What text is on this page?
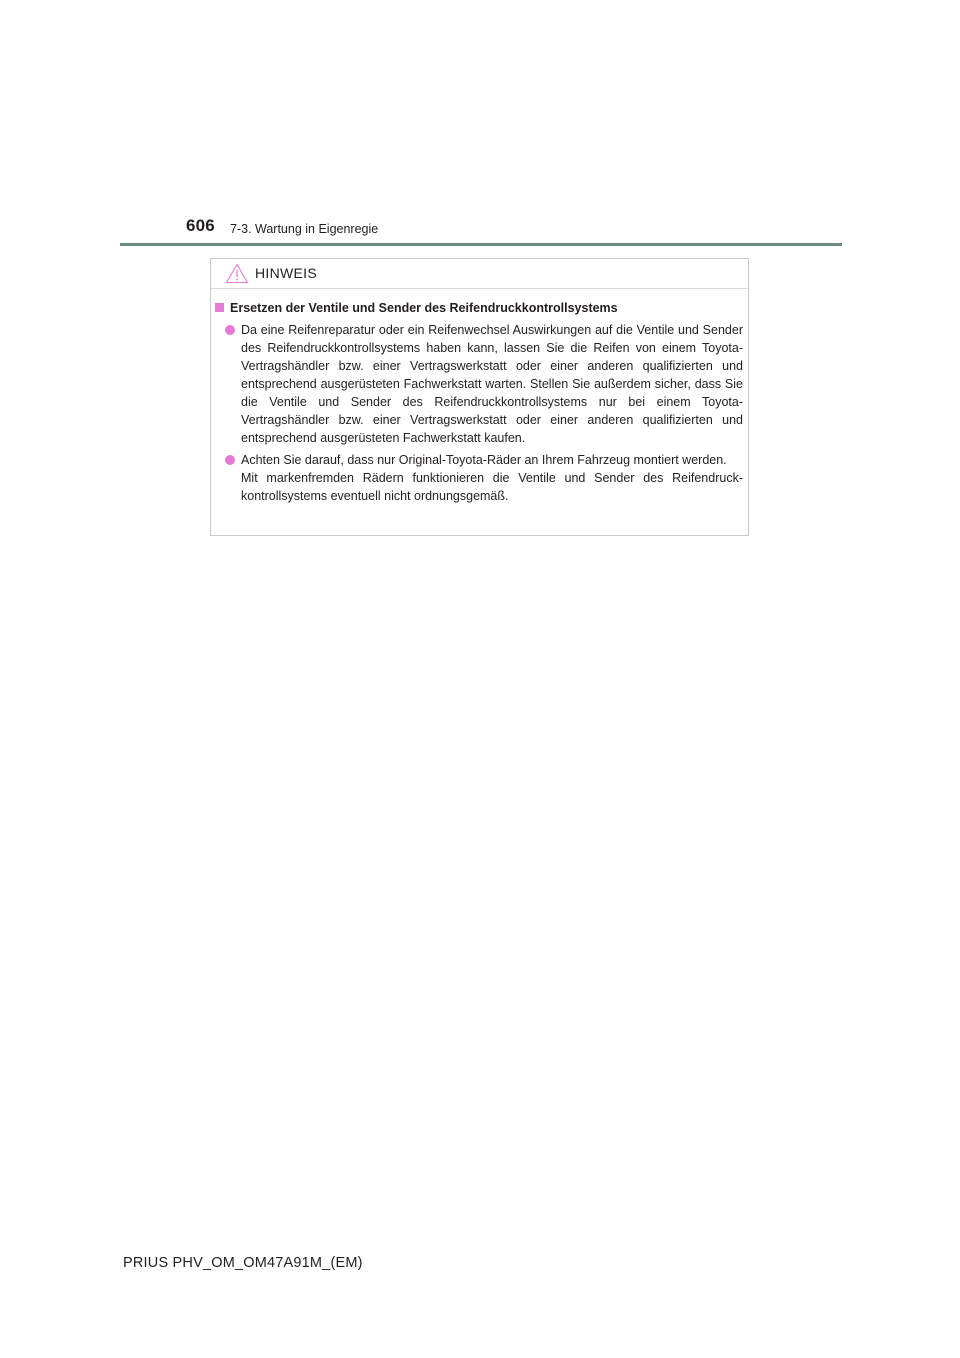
606 7-3. Wartung in Eigenregie
HINWEIS
Ersetzen der Ventile und Sender des Reifendruckkontrollsystems
Da eine Reifenreparatur oder ein Reifenwechsel Auswirkungen auf die Ventile und Sender des Reifendruckkontrollsystems haben kann, lassen Sie die Reifen von einem Toyota-Vertragshändler bzw. einer Vertragswerkstatt oder einer anderen qualifizierten und entsprechend ausgerüsteten Fachwerkstatt warten. Stellen Sie außerdem sicher, dass Sie die Ventile und Sender des Reifendruckkontrollsystems nur bei einem Toyota-Vertragshändler bzw. einer Vertragswerkstatt oder einer anderen qualifizierten und entsprechend ausgerüsteten Fachwerkstatt kaufen.
Achten Sie darauf, dass nur Original-Toyota-Räder an Ihrem Fahrzeug montiert werden.
Mit markenfremden Rädern funktionieren die Ventile und Sender des Reifendruckkontrollsystems eventuell nicht ordnungsgemäß.
PRIUS PHV_OM_OM47A91M_(EM)
